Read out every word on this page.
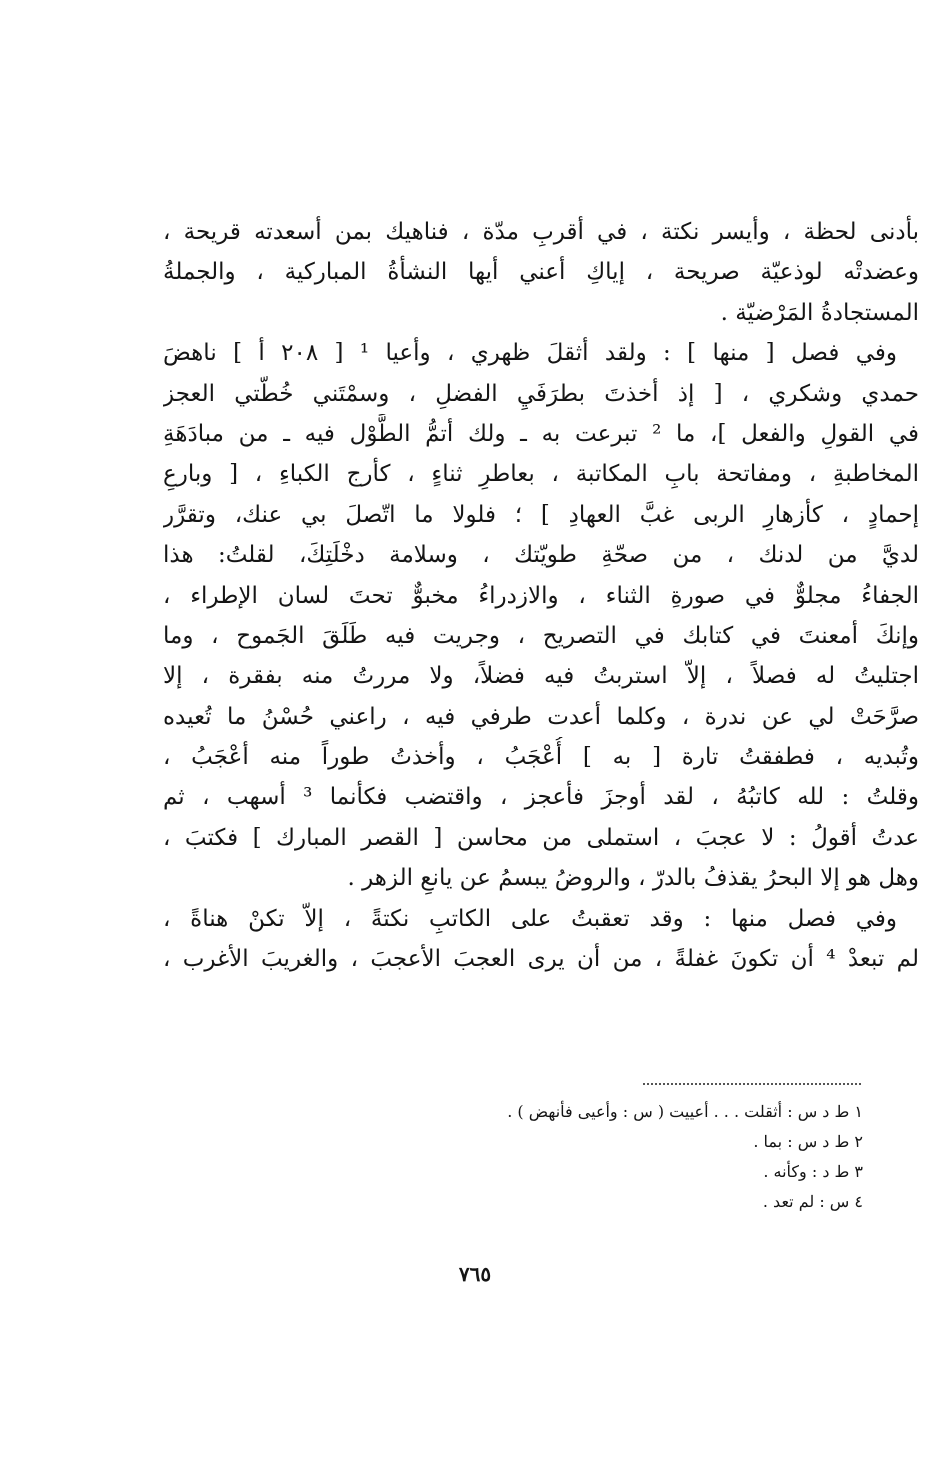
بأدنى لحظة ، وأيسر نكتة ، في أقربِ مدّة ، فناهيك بمن أسعدته قريحة ،
وعضدتْه لوذعيّة صريحة ، إياكِ أعني أيها النشأةُ المباركية ، والجملةُ
المستجادةُ المَرْضيّة .
وفي فصل [ منها ] : ولقد أثقلَ ظهري ، وأعيا ¹ [ ٢٠٨ أ ] ناهضَ
حمدي وشكري ، [ إذ أخذتَ بطرَفَيِ الفضلِ ، وسمْتَني خُطّتي العجز
في القولِ والفعل ]، ما ² تبرعت به ـ ولك أتمُّ الطَّوْل فيه ـ من مبادَهَةِ
المخاطبةِ ، ومفاتحة بابِ المكاتبة ، بعاطرِ ثناءٍ ، كأرج الكباءِ ، [ وبارعِ
إحمادٍ ، كأزهارِ الربى غبَّ العهادِ ] ؛ فلولا ما اتّصلَ بي عنك، وتقرَّر
لديَّ من لدنك ، من صحّةِ طويّتك ، وسلامة دخْلَتِكَ، لقلتُ: هذا
الجفاءُ مجلوٌّ في صورةِ الثناء ، والازدراءُ مخبوٌّ تحتَ لسان الإطراء ،
وإنكَ أمعنتَ في كتابك في التصريح ، وجريت فيه طَلَقَ الجَموح ، وما
اجتليتُ له فصلاً ، إلاّ استربتُ فيه فضلاً، ولا مررتُ منه بفقرة ، إلا
صرَّحَتْ لي عن ندرة ، وكلما أعدت طرفي فيه ، راعني حُسْنُ ما تُعيده
وتُبديه ، فطفقتُ تارة [ به ] أُعْجَبُ ، وأخذتُ طوراً منه أعْجَبُ ،
وقلتُ : لله كاتبُهُ ، لقد أوجزَ فأعجز ، واقتضب فكأنما ³ أسهب ، ثم
عدتُ أقولُ : لا عجبَ ، استملى من محاسن [ القصر المبارك ] فكتبَ ،
وهل هو إلا البحرُ يقذفُ بالدرّ ، والروضُ يبسمُ عن يانعِ الزهر .
وفي فصل منها : وقد تعقبتُ على الكاتبِ نكتةً ، إلاّ تكنْ هناةً ،
لم تبعدْ ⁴ أن تكونَ غفلةً ، من أن يرى العجبَ الأعجبَ ، والغريبَ الأغرب ،
١ ط د س : أثقلت . . . أعييت ( س : وأعيى فأنهض ) .
٢ ط د س : بما .
٣ ط د : وكأنه .
٤ س : لم تعد .
٧٦٥
